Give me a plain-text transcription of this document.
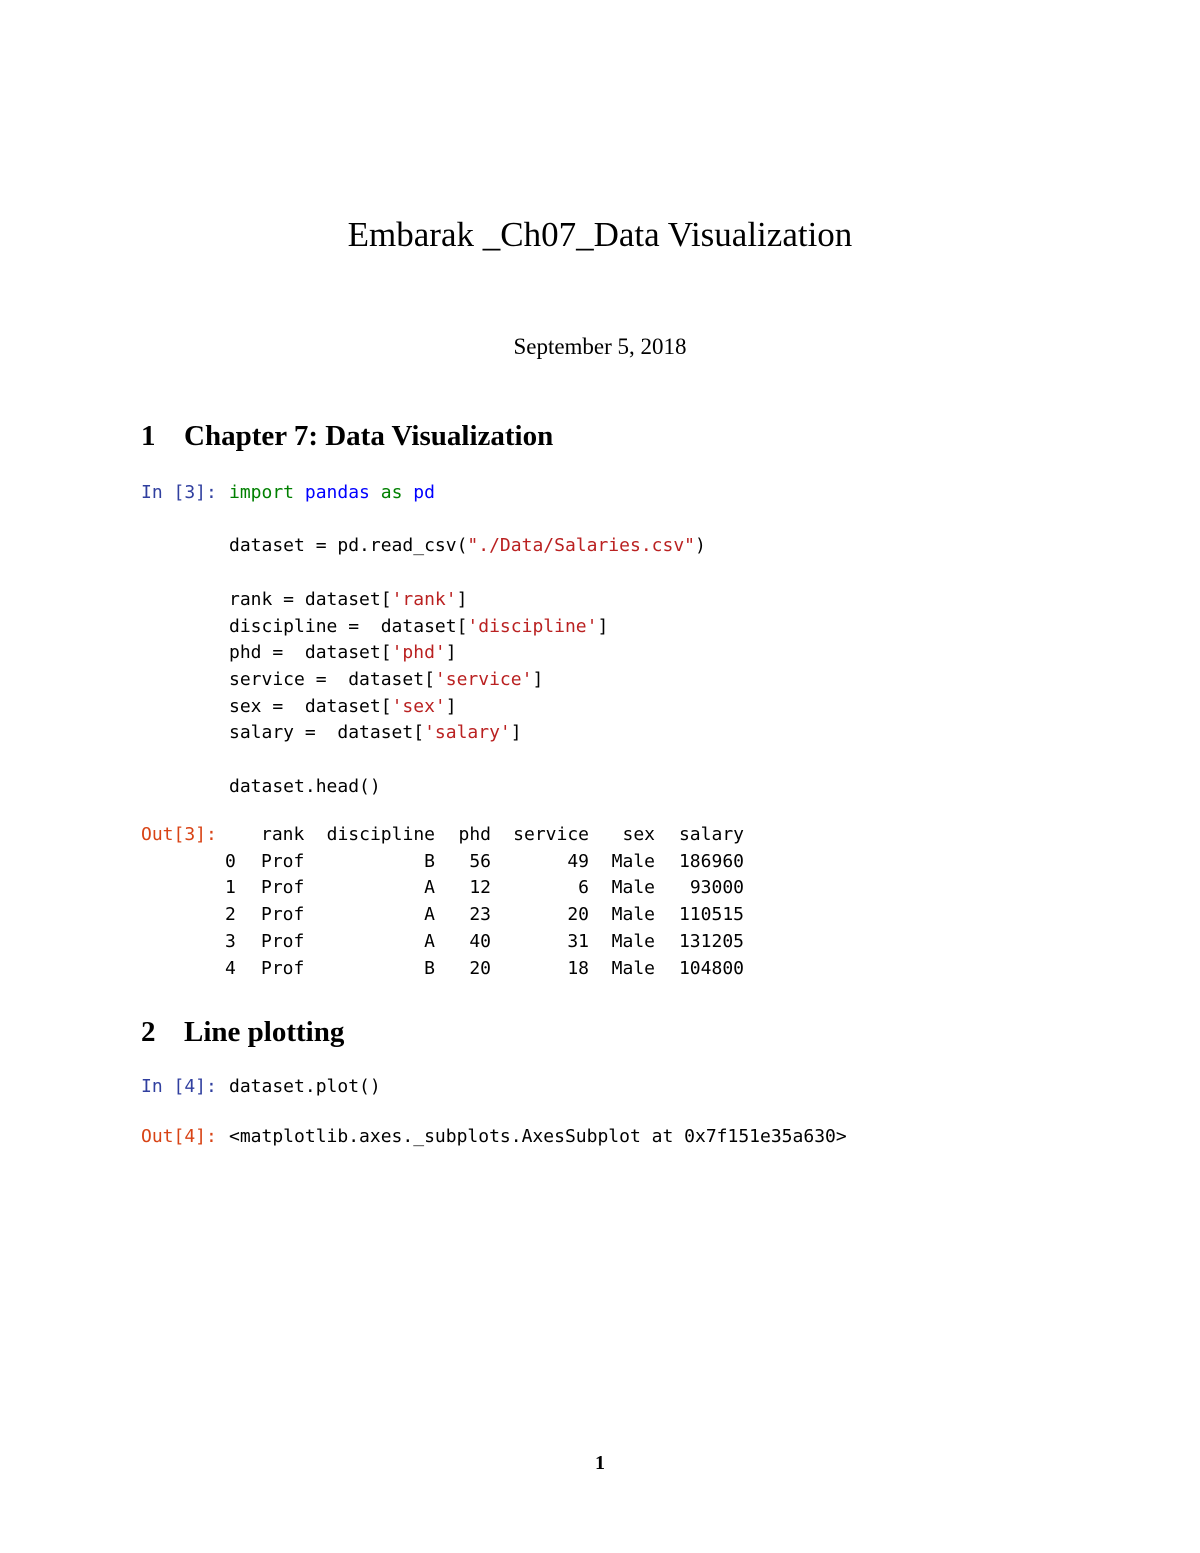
Embarak _Ch07_Data Visualization

September 5, 2018

1 Chapter 7: Data Visualization
In [3]: import pandas as pd

dataset = pd.read_csv("./Data/Salaries.csv")

rank = dataset['rank']
discipline =  dataset['discipline']
phd =  dataset['phd']
service =  dataset['service']
sex =  dataset['sex']
salary =  dataset['salary']

dataset.head()
Out[3]:
	rank	discipline	phd	service	sex	salary
0	Prof	B	56	49	Male	186960
1	Prof	A	12	6	Male	93000
2	Prof	A	23	20	Male	110515
3	Prof	A	40	31	Male	131205
4	Prof	B	20	18	Male	104800
2 Line plotting
In [4]: dataset.plot()
Out[4]: <matplotlib.axes._subplots.AxesSubplot at 0x7f151e35a630>

1
